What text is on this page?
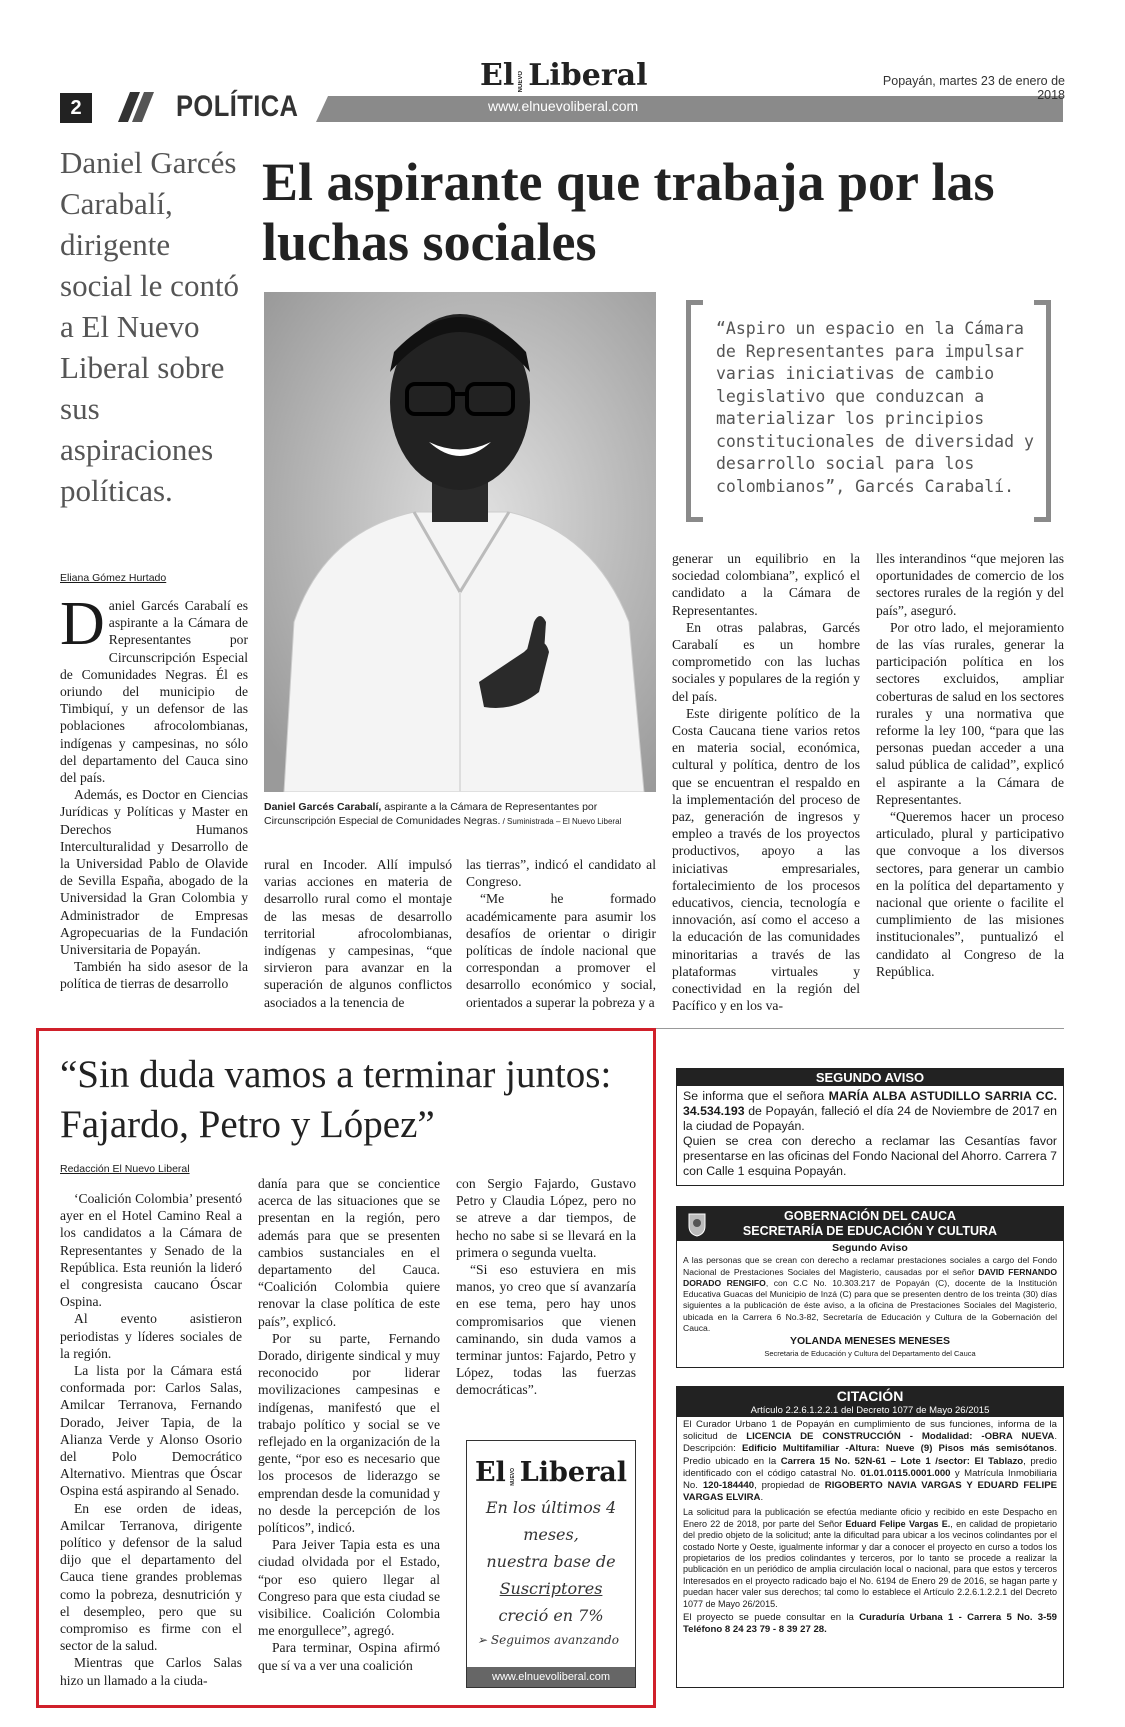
2	POLÍTICA
El NUEVO Liberal
www.elnuevoliberal.com
Popayán, martes 23 de enero de 2018
Daniel Garcés Carabalí, dirigente social le contó a El Nuevo Liberal sobre sus aspiraciones políticas.
El aspirante que trabaja por las luchas sociales
Daniel Garcés Carabalí, aspirante a la Cámara de Representantes por Circunscripción Especial de Comunidades Negras. / Suministrada – El Nuevo Liberal
“Aspiro un espacio en la Cámara de Representantes para impulsar varias iniciativas de cambio legislativo que conduzcan a materializar los principios constitucionales de diversidad y desarrollo social para los colombianos”, Garcés Carabalí.
Eliana Gómez Hurtado

Daniel Garcés Carabalí es aspirante a la Cámara de Representantes por Circunscripción Especial de Comunidades Negras. Él es oriundo del municipio de Timbiquí, y un defensor de las poblaciones afrocolombianas, indígenas y campesinas, no sólo del departamento del Cauca sino del país.

Además, es Doctor en Ciencias Jurídicas y Políticas y Master en Derechos Humanos Interculturalidad y Desarrollo de la Universidad Pablo de Olavide de Sevilla España, abogado de la Universidad la Gran Colombia y Administrador de Empresas Agropecuarias de la Fundación Universitaria de Popayán.

También ha sido asesor de la política de tierras de desarrollo

rural en Incoder. Allí impulsó varias acciones en materia de desarrollo rural como el montaje de las mesas de desarrollo territorial afrocolombianas, indígenas y campesinas, “que sirvieron para avanzar en la superación de algunos conflictos asociados a la tenencia de

las tierras”, indicó el candidato al Congreso.

“Me he formado académicamente para asumir los desafíos de orientar o dirigir políticas de índole nacional que correspondan a promover el desarrollo económico y social, orientados a superar la pobreza y a

generar un equilibrio en la sociedad colombiana”, explicó el candidato a la Cámara de Representantes.

En otras palabras, Garcés Carabalí es un hombre comprometido con las luchas sociales y populares de la región y del país.

Este dirigente político de la Costa Caucana tiene varios retos en materia social, económica, cultural y política, dentro de los que se encuentran el respaldo en la implementación del proceso de paz, generación de ingresos y empleo a través de los proyectos productivos, apoyo a las iniciativas empresariales, fortalecimiento de los procesos educativos, ciencia, tecnología e innovación, así como el acceso a la educación de las comunidades minoritarias a través de las plataformas virtuales y conectividad en la región del Pacífico y en los va-

lles interandinos “que mejoren las oportunidades de comercio de los sectores rurales de la región y del país”, aseguró.

Por otro lado, el mejoramiento de las vías rurales, generar la participación política en los sectores excluidos, ampliar coberturas de salud en los sectores rurales y una normativa que reforme la ley 100, “para que las personas puedan acceder a una salud pública de calidad”, explicó el aspirante a la Cámara de Representantes.

“Queremos hacer un proceso articulado, plural y participativo que convoque a los diversos sectores, para generar un cambio en la política del departamento y nacional que oriente o facilite el cumplimiento de las misiones institucionales”, puntualizó el candidato al Congreso de la República.

“Sin duda vamos a terminar juntos: Fajardo, Petro y López”
Redacción El Nuevo Liberal

‘Coalición Colombia’ presentó ayer en el Hotel Camino Real a los candidatos a la Cámara de Representantes y Senado de la República. Esta reunión la lideró el congresista caucano Óscar Ospina.

Al evento asistieron periodistas y líderes sociales de la región.

La lista por la Cámara está conformada por: Carlos Salas, Amilcar Terranova, Fernando Dorado, Jeiver Tapia, de la Alianza Verde y Alonso Osorio del Polo Democrático Alternativo. Mientras que Óscar Ospina está aspirando al Senado.

En ese orden de ideas, Amilcar Terranova, dirigente político y defensor de la salud dijo que el departamento del Cauca tiene grandes problemas como la pobreza, desnutrición y el desempleo, pero que su compromiso es firme con el sector de la salud.

Mientras que Carlos Salas hizo un llamado a la ciuda-

danía para que se concientice acerca de las situaciones que se presentan en la región, pero además para que se presenten cambios sustanciales en el departamento del Cauca. “Coalición Colombia quiere renovar la clase política de este país”, explicó.

Por su parte, Fernando Dorado, dirigente sindical y muy reconocido por liderar movilizaciones campesinas e indígenas, manifestó que el trabajo político y social se ve reflejado en la organización de la gente, “por eso es necesario que los procesos de liderazgo se emprendan desde la comunidad y no desde la percepción de los políticos”, indicó.

Para Jeiver Tapia esta es una ciudad olvidada por el Estado, “por eso quiero llegar al Congreso para que esta ciudad se visibilice. Coalición Colombia me enorgullece”, agregó.

Para terminar, Ospina afirmó que sí va a ver una coalición

con Sergio Fajardo, Gustavo Petro y Claudia López, pero no se atreve a dar tiempos, de hecho no sabe si se llevará en la primera o segunda vuelta.

“Si eso estuviera en mis manos, yo creo que sí avanzaría en ese tema, pero hay unos compromisarios que vienen caminando, sin duda vamos a terminar juntos: Fajardo, Petro y López, todas las fuerzas democráticas”.

El NUEVO Liberal
En los últimos 4 meses,
nuestra base de
Suscriptores
creció en 7%
➢ Seguimos avanzando
www.elnuevoliberal.com
SEGUNDO AVISO
Se informa que el señora MARÍA ALBA ASTUDILLO SARRIA CC. 34.534.193 de Popayán, falleció el día 24 de Noviembre de 2017 en la ciudad de Popayán.
Quien se crea con derecho a reclamar las Cesantías favor presentarse en las oficinas del Fondo Nacional del Ahorro. Carrera 7 con Calle 1 esquina Popayán.
GOBERNACIÓN DEL CAUCA
SECRETARÍA DE EDUCACIÓN Y CULTURA
Segundo Aviso
A las personas que se crean con derecho a reclamar prestaciones sociales a cargo del Fondo Nacional de Prestaciones Sociales del Magisterio, causadas por el señor DAVID FERNANDO DORADO RENGIFO, con C.C No. 10.303.217 de Popayán (C), docente de la Institución Educativa Guacas del Municipio de Inzá (C) para que se presenten dentro de los treinta (30) días siguientes a la publicación de éste aviso, a la oficina de Prestaciones Sociales del Magisterio, ubicada en la Carrera 6 No.3-82, Secretaría de Educación y Cultura de la Gobernación del Cauca.
YOLANDA MENESES MENESES
Secretaria de Educación y Cultura del Departamento del Cauca
CITACIÓN
Artículo 2.2.6.1.2.2.1 del Decreto 1077 de Mayo 26/2015

El Curador Urbano 1 de Popayán en cumplimiento de sus funciones, informa de la solicitud de LICENCIA DE CONSTRUCCIÓN - Modalidad: -OBRA NUEVA. Descripción: Edificio Multifamiliar -Altura: Nueve (9) Pisos más semisótanos. Predio ubicado en la Carrera 15 No. 52N-61 – Lote 1 /sector: El Tablazo, predio identificado con el código catastral No. 01.01.0115.0001.000 y Matrícula Inmobiliaria No. 120-184440, propiedad de RIGOBERTO NAVIA VARGAS Y EDUARD FELIPE VARGAS ELVIRA.

La solicitud para la publicación se efectúa mediante oficio y recibido en este Despacho en Enero 22 de 2018, por parte del Señor Eduard Felipe Vargas E., en calidad de propietario del predio objeto de la solicitud; ante la dificultad para ubicar a los vecinos colindantes por el costado Norte y Oeste, igualmente informar y dar a conocer el proyecto en curso a todos los propietarios de los predios colindantes y terceros, por lo tanto se procede a realizar la publicación en un periódico de amplia circulación local o nacional, para que estos y terceros Interesados en el proyecto radicado bajo el No. 6194 de Enero 29 de 2016, se hagan parte y puedan hacer valer sus derechos; tal como lo establece el Artículo 2.2.6.1.2.2.1 del Decreto 1077 de Mayo 26/2015.

El proyecto se puede consultar en la Curaduría Urbana 1 - Carrera 5 No. 3-59 Teléfono 8 24 23 79 - 8 39 27 28.
